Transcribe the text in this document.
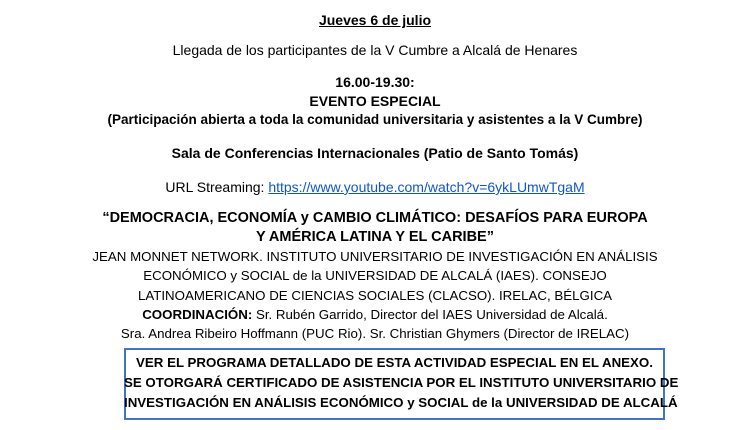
Jueves 6 de julio
Llegada de los participantes de la V Cumbre a Alcalá de Henares
16.00-19.30:
EVENTO ESPECIAL
(Participación abierta a toda la comunidad universitaria y asistentes a la V Cumbre)
Sala de Conferencias Internacionales (Patio de Santo Tomás)
URL Streaming: https://www.youtube.com/watch?v=6ykLUmwTgaM
“DEMOCRACIA, ECONOMÍA y CAMBIO CLIMÁTICO: DESAFÍOS PARA EUROPA
Y AMÉRICA LATINA Y EL CARIBE”
JEAN MONNET NETWORK. INSTITUTO UNIVERSITARIO DE INVESTIGACIÓN EN ANÁLISIS
ECONÓMICO y SOCIAL de la UNIVERSIDAD DE ALCALÁ (IAES). CONSEJO
LATINOAMERICANO DE CIENCIAS SOCIALES (CLACSO). IRELAC, BÉLGICA
COORDINACIÓN: Sr. Rubén Garrido, Director del IAES Universidad de Alcalá.
Sra. Andrea Ribeiro Hoffmann (PUC Rio). Sr. Christian Ghymers (Director de IRELAC)
VER EL PROGRAMA DETALLADO DE ESTA ACTIVIDAD ESPECIAL EN EL ANEXO.
SE OTORGARÁ CERTIFICADO DE ASISTENCIA POR EL INSTITUTO UNIVERSITARIO DE
INVESTIGACIÓN EN ANÁLISIS ECONÓMICO y SOCIAL de la UNIVERSIDAD DE ALCALÁ
